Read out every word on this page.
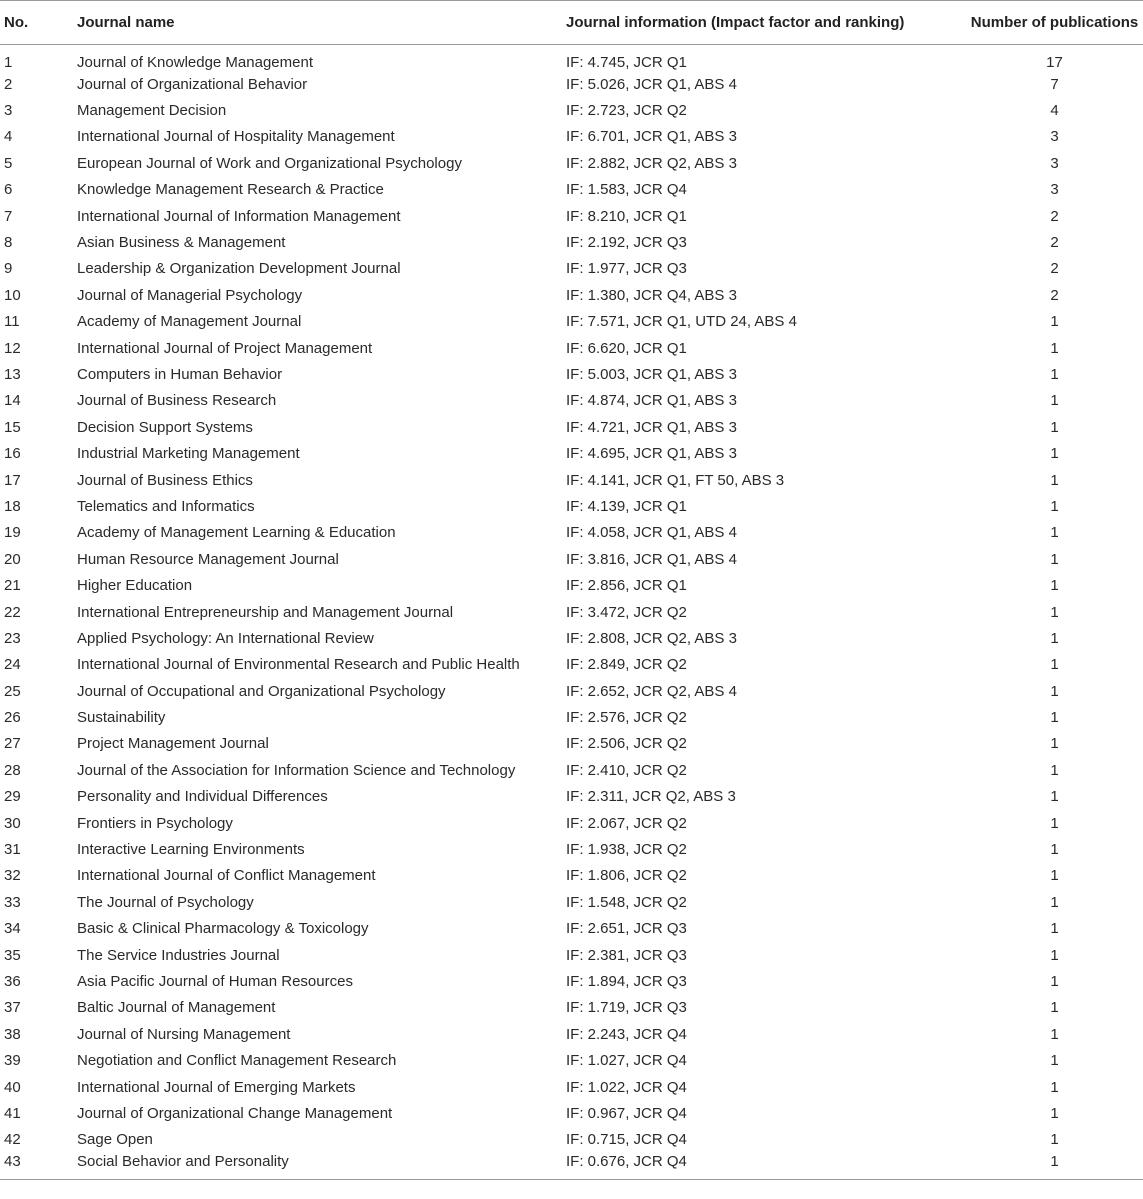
No.	Journal name	Journal information (Impact factor and ranking)	Number of publications
1	Journal of Knowledge Management	IF: 4.745, JCR Q1	17
2	Journal of Organizational Behavior	IF: 5.026, JCR Q1, ABS 4	7
3	Management Decision	IF: 2.723, JCR Q2	4
4	International Journal of Hospitality Management	IF: 6.701, JCR Q1, ABS 3	3
5	European Journal of Work and Organizational Psychology	IF: 2.882, JCR Q2, ABS 3	3
6	Knowledge Management Research & Practice	IF: 1.583, JCR Q4	3
7	International Journal of Information Management	IF: 8.210, JCR Q1	2
8	Asian Business & Management	IF: 2.192, JCR Q3	2
9	Leadership & Organization Development Journal	IF: 1.977, JCR Q3	2
10	Journal of Managerial Psychology	IF: 1.380, JCR Q4, ABS 3	2
11	Academy of Management Journal	IF: 7.571, JCR Q1, UTD 24, ABS 4	1
12	International Journal of Project Management	IF: 6.620, JCR Q1	1
13	Computers in Human Behavior	IF: 5.003, JCR Q1, ABS 3	1
14	Journal of Business Research	IF: 4.874, JCR Q1, ABS 3	1
15	Decision Support Systems	IF: 4.721, JCR Q1, ABS 3	1
16	Industrial Marketing Management	IF: 4.695, JCR Q1, ABS 3	1
17	Journal of Business Ethics	IF: 4.141, JCR Q1, FT 50, ABS 3	1
18	Telematics and Informatics	IF: 4.139, JCR Q1	1
19	Academy of Management Learning & Education	IF: 4.058, JCR Q1, ABS 4	1
20	Human Resource Management Journal	IF: 3.816, JCR Q1, ABS 4	1
21	Higher Education	IF: 2.856, JCR Q1	1
22	International Entrepreneurship and Management Journal	IF: 3.472, JCR Q2	1
23	Applied Psychology: An International Review	IF: 2.808, JCR Q2, ABS 3	1
24	International Journal of Environmental Research and Public Health	IF: 2.849, JCR Q2	1
25	Journal of Occupational and Organizational Psychology	IF: 2.652, JCR Q2, ABS 4	1
26	Sustainability	IF: 2.576, JCR Q2	1
27	Project Management Journal	IF: 2.506, JCR Q2	1
28	Journal of the Association for Information Science and Technology	IF: 2.410, JCR Q2	1
29	Personality and Individual Differences	IF: 2.311, JCR Q2, ABS 3	1
30	Frontiers in Psychology	IF: 2.067, JCR Q2	1
31	Interactive Learning Environments	IF: 1.938, JCR Q2	1
32	International Journal of Conflict Management	IF: 1.806, JCR Q2	1
33	The Journal of Psychology	IF: 1.548, JCR Q2	1
34	Basic & Clinical Pharmacology & Toxicology	IF: 2.651, JCR Q3	1
35	The Service Industries Journal	IF: 2.381, JCR Q3	1
36	Asia Pacific Journal of Human Resources	IF: 1.894, JCR Q3	1
37	Baltic Journal of Management	IF: 1.719, JCR Q3	1
38	Journal of Nursing Management	IF: 2.243, JCR Q4	1
39	Negotiation and Conflict Management Research	IF: 1.027, JCR Q4	1
40	International Journal of Emerging Markets	IF: 1.022, JCR Q4	1
41	Journal of Organizational Change Management	IF: 0.967, JCR Q4	1
42	Sage Open	IF: 0.715, JCR Q4	1
43	Social Behavior and Personality	IF: 0.676, JCR Q4	1
